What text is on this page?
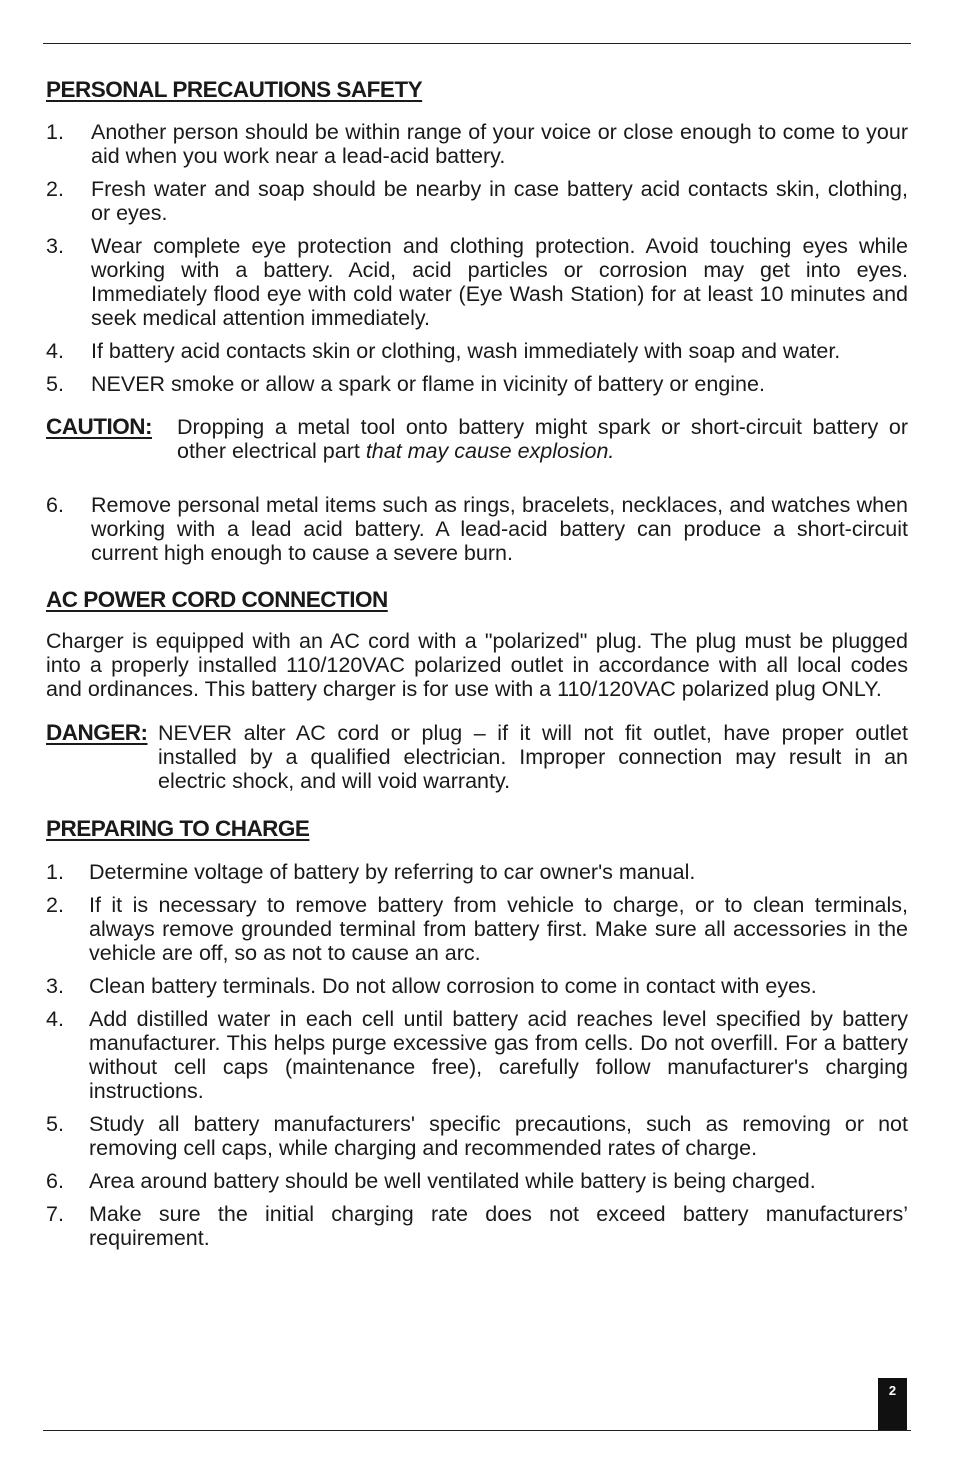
PERSONAL PRECAUTIONS SAFETY
1.	Another person should be within range of your voice or close enough to come to your aid when you work near a lead-acid battery.
2.	Fresh water and soap should be nearby in case battery acid contacts skin, clothing, or eyes.
3.	Wear complete eye protection and clothing protection. Avoid touching eyes while working with a battery. Acid, acid particles or corrosion may get into eyes. Immediately flood eye with cold water (Eye Wash Station) for at least 10 minutes and seek medical attention immediately.
4.	If battery acid contacts skin or clothing, wash immediately with soap and water.
5.	NEVER smoke or allow a spark or flame in vicinity of battery or engine.
CAUTION:	Dropping a metal tool onto battery might spark or short-circuit battery or other electrical part that may cause explosion.
6.	Remove personal metal items such as rings, bracelets, necklaces, and watches when working with a lead acid battery. A lead-acid battery can produce a short-circuit current high enough to cause a severe burn.
AC POWER CORD CONNECTION
Charger is equipped with an AC cord with a "polarized" plug. The plug must be plugged into a properly installed 110/120VAC polarized outlet in accordance with all local codes and ordinances. This battery charger is for use with a 110/120VAC polarized plug ONLY.
DANGER: NEVER alter AC cord or plug – if it will not fit outlet, have proper outlet installed by a qualified electrician. Improper connection may result in an electric shock, and will void warranty.
PREPARING TO CHARGE
1.	Determine voltage of battery by referring to car owner's manual.
2.	If it is necessary to remove battery from vehicle to charge, or to clean terminals, always remove grounded terminal from battery first. Make sure all accessories in the vehicle are off, so as not to cause an arc.
3.	Clean battery terminals. Do not allow corrosion to come in contact with eyes.
4.	Add distilled water in each cell until battery acid reaches level specified by battery manufacturer. This helps purge excessive gas from cells. Do not overfill. For a battery without cell caps (maintenance free), carefully follow manufacturer's charging instructions.
5.	Study all battery manufacturers' specific precautions, such as removing or not removing cell caps, while charging and recommended rates of charge.
6.	Area around battery should be well ventilated while battery is being charged.
7.	Make sure the initial charging rate does not exceed battery manufacturers’ requirement.
2
